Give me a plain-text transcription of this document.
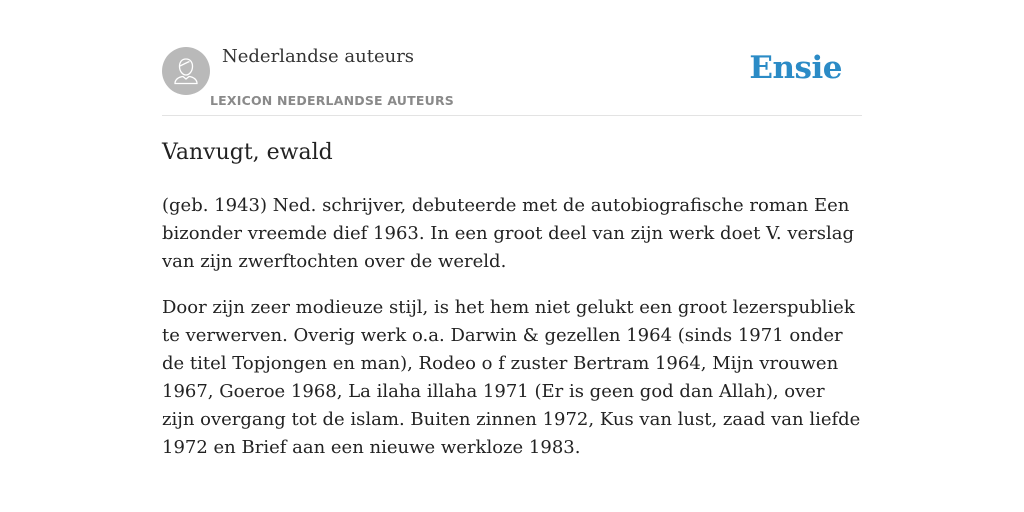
Nederlandse auteurs
LEXICON NEDERLANDSE AUTEURS
Ensie
Vanvugt, ewald

(geb. 1943) Ned. schrijver, debuteerde met de autobiografische roman Een bizonder vreemde dief 1963. In een groot deel van zijn werk doet V. verslag van zijn zwerftochten over de wereld.

Door zijn zeer modieuze stijl, is het hem niet gelukt een groot lezerspubliek te verwerven. Overig werk o.a. Darwin & gezellen 1964 (sinds 1971 onder de titel Topjongen en man), Rodeo o f zuster Bertram 1964, Mijn vrouwen 1967, Goeroe 1968, La ilaha illaha 1971 (Er is geen god dan Allah), over zijn overgang tot de islam. Buiten zinnen 1972, Kus van lust, zaad van liefde 1972 en Brief aan een nieuwe werkloze 1983.
